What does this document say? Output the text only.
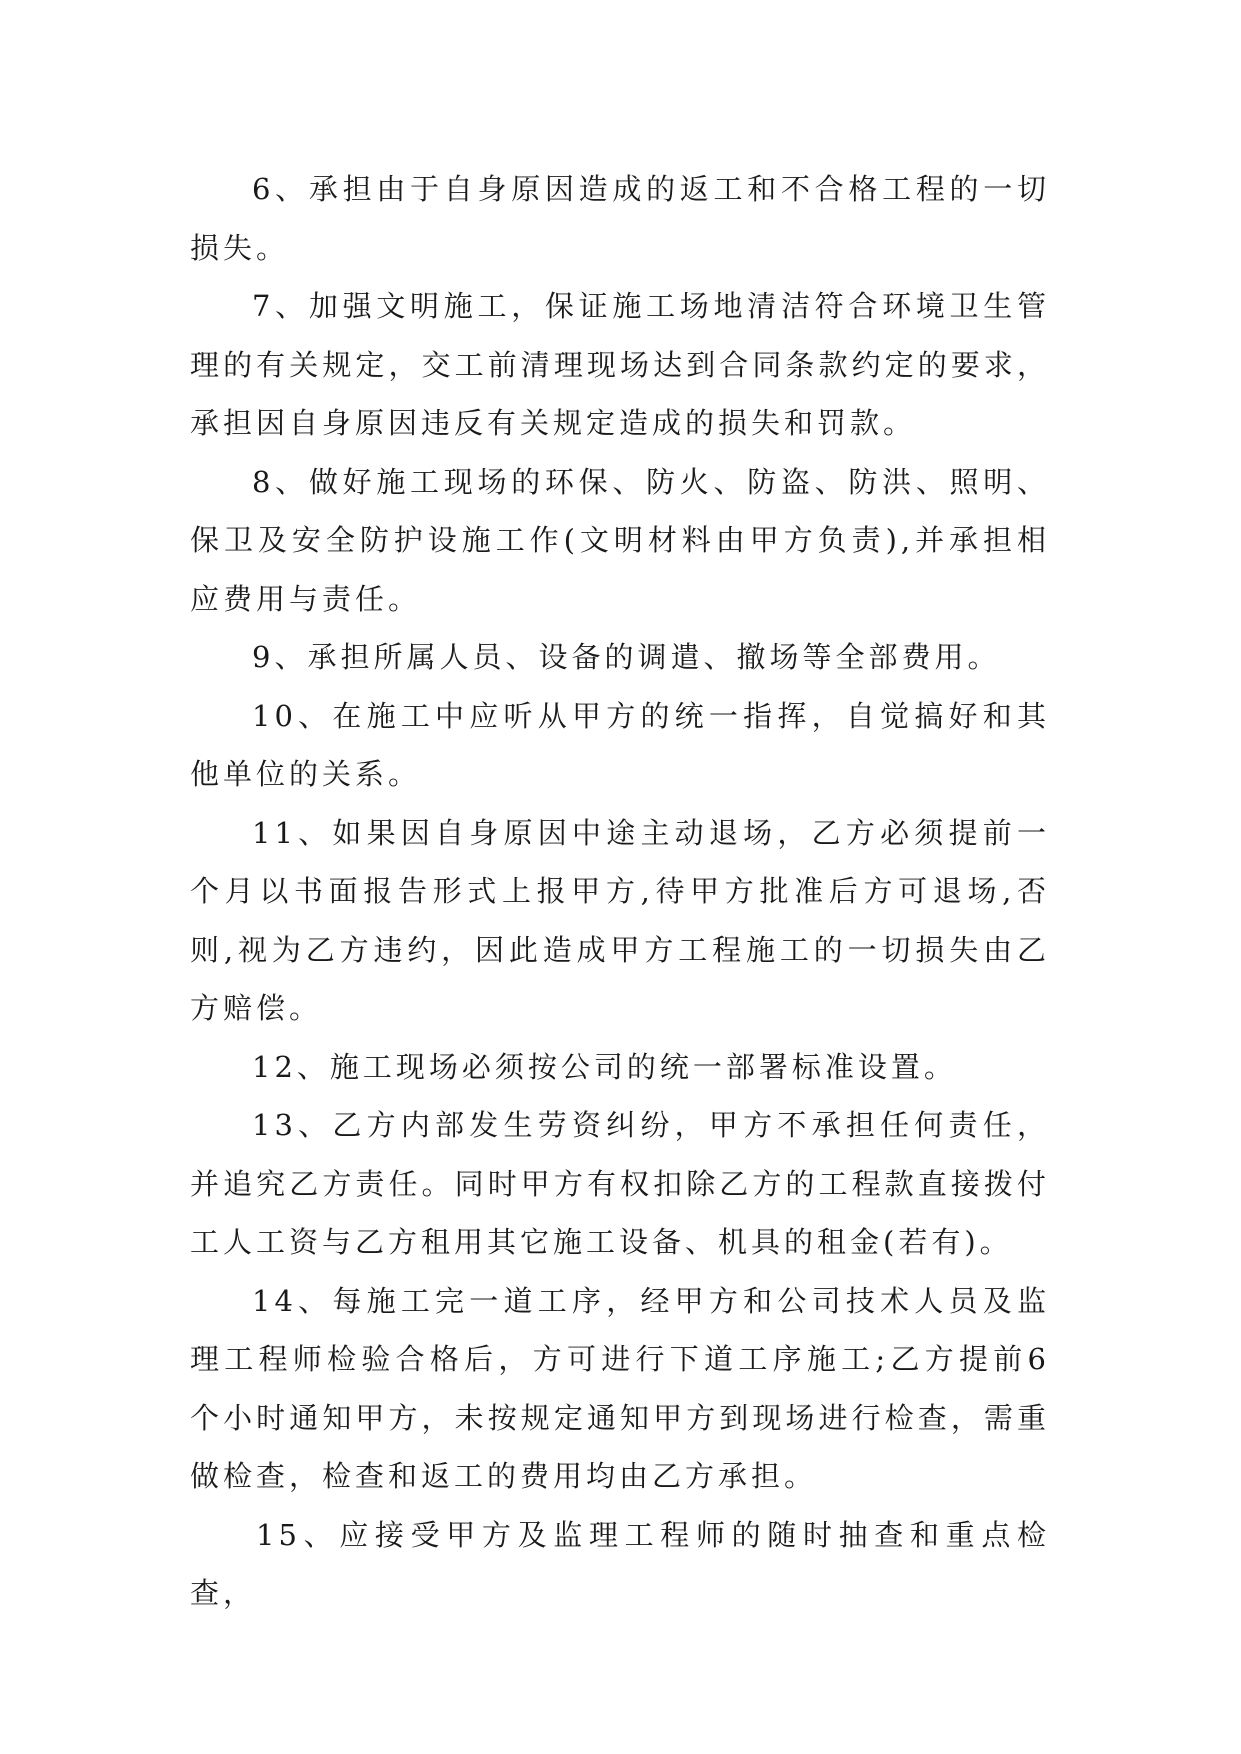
6、承担由于自身原因造成的返工和不合格工程的一切损失。

7、加强文明施工，保证施工场地清洁符合环境卫生管理的有关规定，交工前清理现场达到合同条款约定的要求，承担因自身原因违反有关规定造成的损失和罚款。

8、做好施工现场的环保、防火、防盗、防洪、照明、保卫及安全防护设施工作(文明材料由甲方负责),并承担相应费用与责任。

9、承担所属人员、设备的调遣、撤场等全部费用。

10、在施工中应听从甲方的统一指挥，自觉搞好和其他单位的关系。

11、如果因自身原因中途主动退场，乙方必须提前一个月以书面报告形式上报甲方,待甲方批准后方可退场,否则,视为乙方违约，因此造成甲方工程施工的一切损失由乙方赔偿。

12、施工现场必须按公司的统一部署标准设置。

13、乙方内部发生劳资纠纷，甲方不承担任何责任，并追究乙方责任。同时甲方有权扣除乙方的工程款直接拨付工人工资与乙方租用其它施工设备、机具的租金(若有)。

14、每施工完一道工序，经甲方和公司技术人员及监理工程师检验合格后，方可进行下道工序施工;乙方提前6个小时通知甲方，未按规定通知甲方到现场进行检查，需重做检查，检查和返工的费用均由乙方承担。

15、应接受甲方及监理工程师的随时抽查和重点检查，
